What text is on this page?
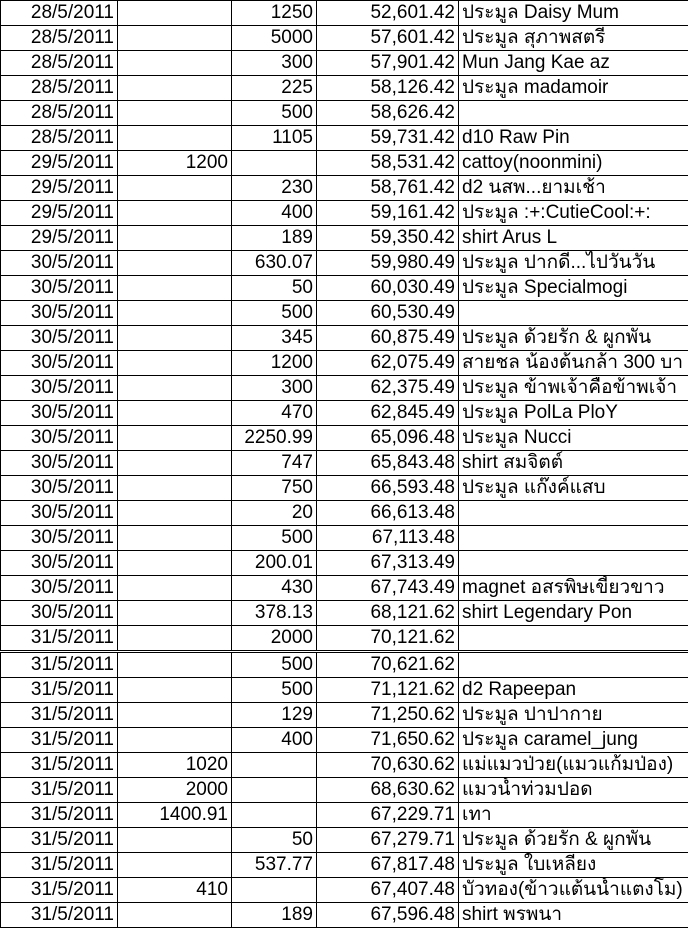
28/5/2011		1250	52,601.42	ประมูล Daisy Mum
28/5/2011		5000	57,601.42	ประมูล สุภาพสตรี
28/5/2011		300	57,901.42	Mun Jang Kae az
28/5/2011		225	58,126.42	ประมูล madamoir
28/5/2011		500	58,626.42	
28/5/2011		1105	59,731.42	d10 Raw Pin
29/5/2011	1200		58,531.42	cattoy(noonmini)
29/5/2011		230	58,761.42	d2 นสพ...ยามเช้า
29/5/2011		400	59,161.42	ประมูล :+:CutieCool:+:
29/5/2011		189	59,350.42	shirt Arus L
30/5/2011		630.07	59,980.49	ประมูล ปากดี...ไปวันวัน
30/5/2011		50	60,030.49	ประมูล Specialmogi
30/5/2011		500	60,530.49	
30/5/2011		345	60,875.49	ประมูล ด้วยรัก & ผูกพัน
30/5/2011		1200	62,075.49	สายชล น้องต้นกล้า 300 บา
30/5/2011		300	62,375.49	ประมูล ข้าพเจ้าคือข้าพเจ้า
30/5/2011		470	62,845.49	ประมูล PolLa PloY
30/5/2011		2250.99	65,096.48	ประมูล Nucci
30/5/2011		747	65,843.48	shirt สมจิตต์
30/5/2011		750	66,593.48	ประมูล แก๊งค์แสบ
30/5/2011		20	66,613.48	
30/5/2011		500	67,113.48	
30/5/2011		200.01	67,313.49	
30/5/2011		430	67,743.49	magnet อสรพิษเขี้ยวขาว
30/5/2011		378.13	68,121.62	shirt Legendary Pon
31/5/2011		2000	70,121.62	
31/5/2011		500	70,621.62	
31/5/2011		500	71,121.62	d2 Rapeepan
31/5/2011		129	71,250.62	ประมูล ปาปากาย
31/5/2011		400	71,650.62	ประมูล caramel_jung
31/5/2011	1020		70,630.62	แม่แมวป่วย(แมวแก้มป่อง)
31/5/2011	2000		68,630.62	แมวน้ำท่วมปอด
31/5/2011	1400.91		67,229.71	เทา
31/5/2011		50	67,279.71	ประมูล ด้วยรัก & ผูกพัน
31/5/2011		537.77	67,817.48	ประมูล ใบเหลียง
31/5/2011	410		67,407.48	บัวทอง(ข้าวแต้นน้ำแตงโม)
31/5/2011		189	67,596.48	shirt พรพนา
